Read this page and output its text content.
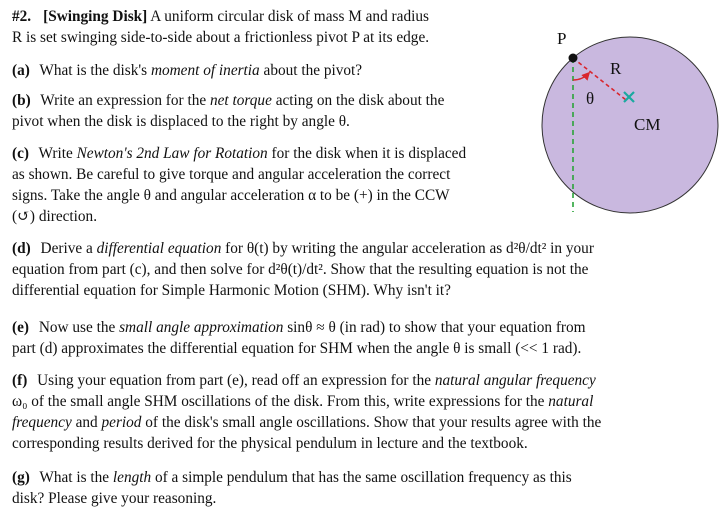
#2. [Swinging Disk] A uniform circular disk of mass M and radius
R is set swinging side-to-side about a frictionless pivot P at its edge.

(a) What is the disk's moment of inertia about the pivot?

(b) Write an expression for the net torque acting on the disk about the
pivot when the disk is displaced to the right by angle θ.

(c) Write Newton's 2nd Law for Rotation for the disk when it is displaced
as shown. Be careful to give torque and angular acceleration the correct
signs. Take the angle θ and angular acceleration α to be (+) in the CCW
(↺) direction.

(d) Derive a differential equation for θ(t) by writing the angular acceleration as d²θ/dt² in your
equation from part (c), and then solve for d²θ(t)/dt². Show that the resulting equation is not the
differential equation for Simple Harmonic Motion (SHM). Why isn't it?

(e) Now use the small angle approximation sinθ ≈ θ (in rad) to show that your equation from
part (d) approximates the differential equation for SHM when the angle θ is small (<< 1 rad).

(f) Using your equation from part (e), read off an expression for the natural angular frequency
ω₀ of the small angle SHM oscillations of the disk. From this, write expressions for the natural
frequency and period of the disk's small angle oscillations. Show that your results agree with the
corresponding results derived for the physical pendulum in lecture and the textbook.

(g) What is the length of a simple pendulum that has the same oscillation frequency as this
disk? Please give your reasoning.

P
R
θ
CM
